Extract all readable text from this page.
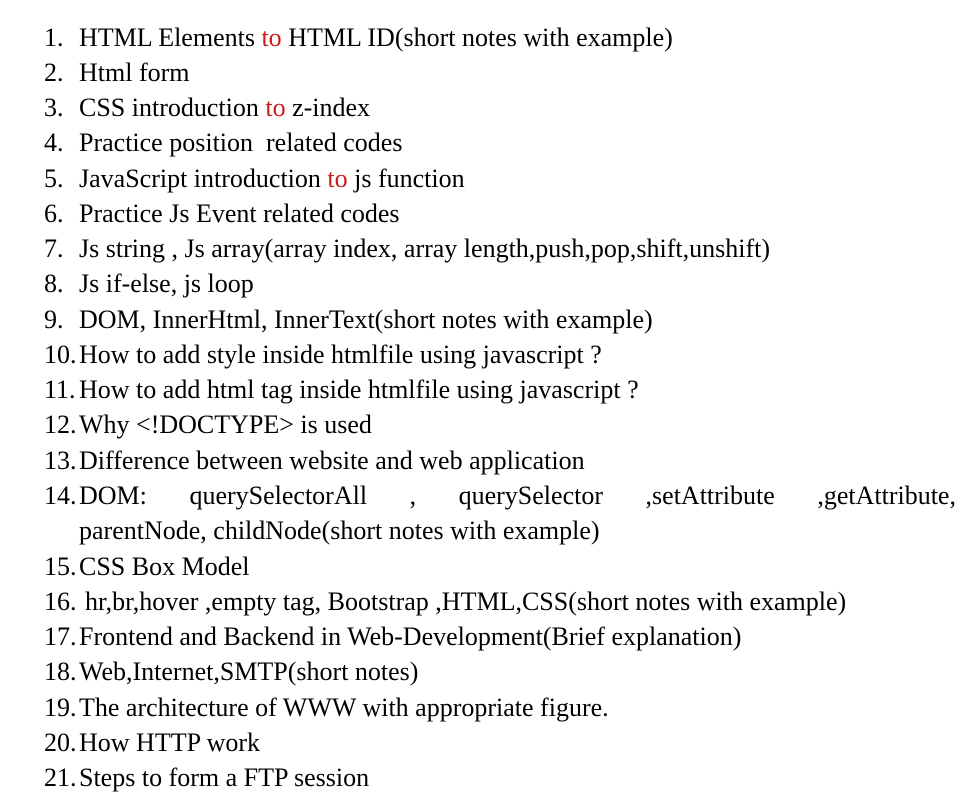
1. HTML Elements to HTML ID(short notes with example)
2. Html form
3. CSS introduction to z-index
4. Practice position  related codes
5. JavaScript introduction to js function
6. Practice Js Event related codes
7. Js string , Js array(array index, array length,push,pop,shift,unshift)
8. Js if-else, js loop
9. DOM, InnerHtml, InnerText(short notes with example)
10. How to add style inside htmlfile using javascript ?
11. How to add html tag inside htmlfile using javascript ?
12. Why <!DOCTYPE> is used
13. Difference between website and web application
14. DOM: querySelectorAll , querySelector ,setAttribute ,getAttribute,
parentNode, childNode(short notes with example)
15. CSS Box Model
16. hr,br,hover ,empty tag, Bootstrap ,HTML,CSS(short notes with example)
17. Frontend and Backend in Web-Development(Brief explanation)
18. Web,Internet,SMTP(short notes)
19. The architecture of WWW with appropriate figure.
20. How HTTP work
21. Steps to form a FTP session
